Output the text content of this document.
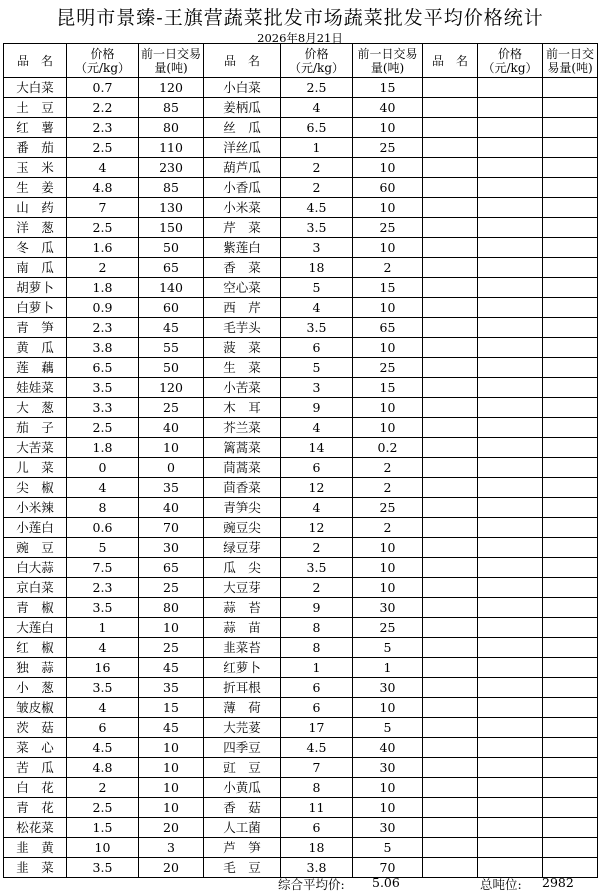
昆明市景臻-王旗营蔬菜批发市场蔬菜批发平均价格统计
2026年8月21日
品　名	价格（元/kg）	前一日交易量(吨)	品　名	价格（元/kg）	前一日交易量(吨)	品　名	价格（元/kg）	前一日交易量(吨)
大白菜	0.7	120	小白菜	2.5	15			
土　豆	2.2	85	姜柄瓜	4	40			
红　薯	2.3	80	丝　瓜	6.5	10			
番　茄	2.5	110	洋丝瓜	1	25			
玉　米	4	230	葫芦瓜	2	10			
生　姜	4.8	85	小香瓜	2	60			
山　药	7	130	小米菜	4.5	10			
洋　葱	2.5	150	芹　菜	3.5	25			
冬　瓜	1.6	50	紫莲白	3	10			
南　瓜	2	65	香　菜	18	2			
胡萝卜	1.8	140	空心菜	5	15			
白萝卜	0.9	60	西　芹	4	10			
青　笋	2.3	45	毛芋头	3.5	65			
黄　瓜	3.8	55	菠　菜	6	10			
莲　藕	6.5	50	生　菜	5	25			
娃娃菜	3.5	120	小苦菜	3	15			
大　葱	3.3	25	木　耳	9	10			
茄　子	2.5	40	芥兰菜	4	10			
大苦菜	1.8	10	篱蒿菜	14	0.2			
儿　菜	0	0	茼蒿菜	6	2			
尖　椒	4	35	茴香菜	12	2			
小米辣	8	40	青笋尖	4	25			
小莲白	0.6	70	豌豆尖	12	2			
豌　豆	5	30	绿豆芽	2	10			
白大蒜	7.5	65	瓜　尖	3.5	10			
京白菜	2.3	25	大豆芽	2	10			
青　椒	3.5	80	蒜　苔	9	30			
大莲白	1	10	蒜　苗	8	25			
红　椒	4	25	韭菜苔	8	5			
独　蒜	16	45	红萝卜	1	1			
小　葱	3.5	35	折耳根	6	30			
皱皮椒	4	15	薄　荷	6	10			
茨　菇	6	45	大芫荽	17	5			
菜　心	4.5	10	四季豆	4.5	40			
苦　瓜	4.8	10	豇　豆	7	30			
白　花	2	10	小黄瓜	8	10			
青　花	2.5	10	香　菇	11	10			
松花菜	1.5	20	人工菌	6	30			
韭　黄	10	3	芦　笋	18	5			
韭　菜	3.5	20	毛　豆	3.8	70			
综合平均价: 5.06	总吨位: 2982
